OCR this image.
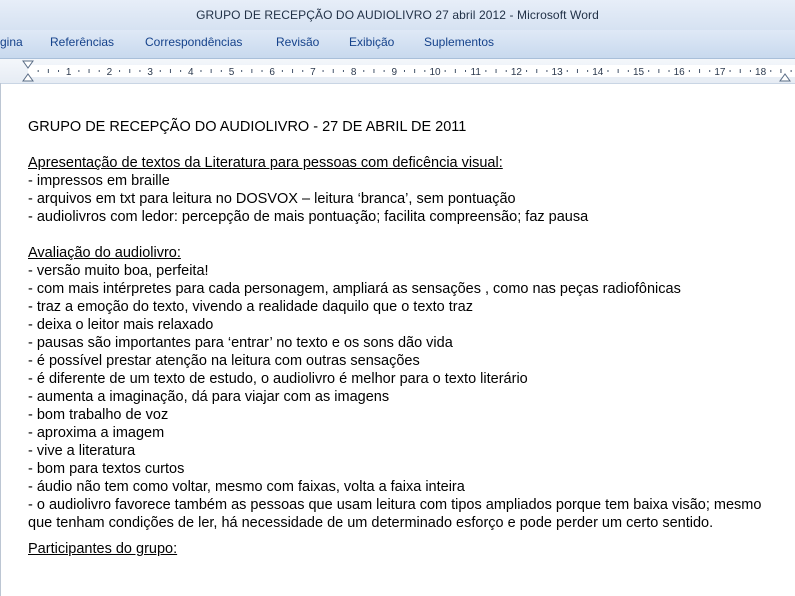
GRUPO DE RECEPÇÃO DO AUDIOLIVRO 27 abril 2012 - Microsoft Word
gina Referências	Correspondências	Revisão Exibição Suplementos
1	2	3	4	5	6	7	8	9	10	11	12	13	14	15	16	17	18

GRUPO DE RECEPÇÃO DO AUDIOLIVRO - 27 DE ABRIL DE 2011

Apresentação de textos da Literatura para pessoas com deficência visual:

- impressos em braille

- arquivos em txt para leitura no DOSVOX – leitura ‘branca’, sem pontuação

- audiolivros com ledor: percepção de mais pontuação; facilita compreensão; faz pausa

Avaliação do audiolivro:

- versão muito boa, perfeita!

- com mais intérpretes para cada personagem, ampliará as sensações , como nas peças radiofônicas

- traz a emoção do texto, vivendo a realidade daquilo que o texto traz

- deixa o leitor mais relaxado

- pausas são importantes para ‘entrar’ no texto e os sons dão vida

- é possível prestar atenção na leitura com outras sensações

- é diferente de um texto de estudo, o audiolivro é melhor para o texto literário

- aumenta a imaginação, dá para viajar com as imagens

- bom trabalho de voz

- aproxima a imagem

- vive a literatura

- bom para textos curtos

- áudio não tem como voltar, mesmo com faixas, volta a faixa inteira

- o audiolivro favorece também as pessoas que usam leitura com tipos ampliados porque tem baixa visão; mesmo que tenham condições de ler, há necessidade de um determinado esforço e pode perder um certo sentido.

Participantes do grupo:
